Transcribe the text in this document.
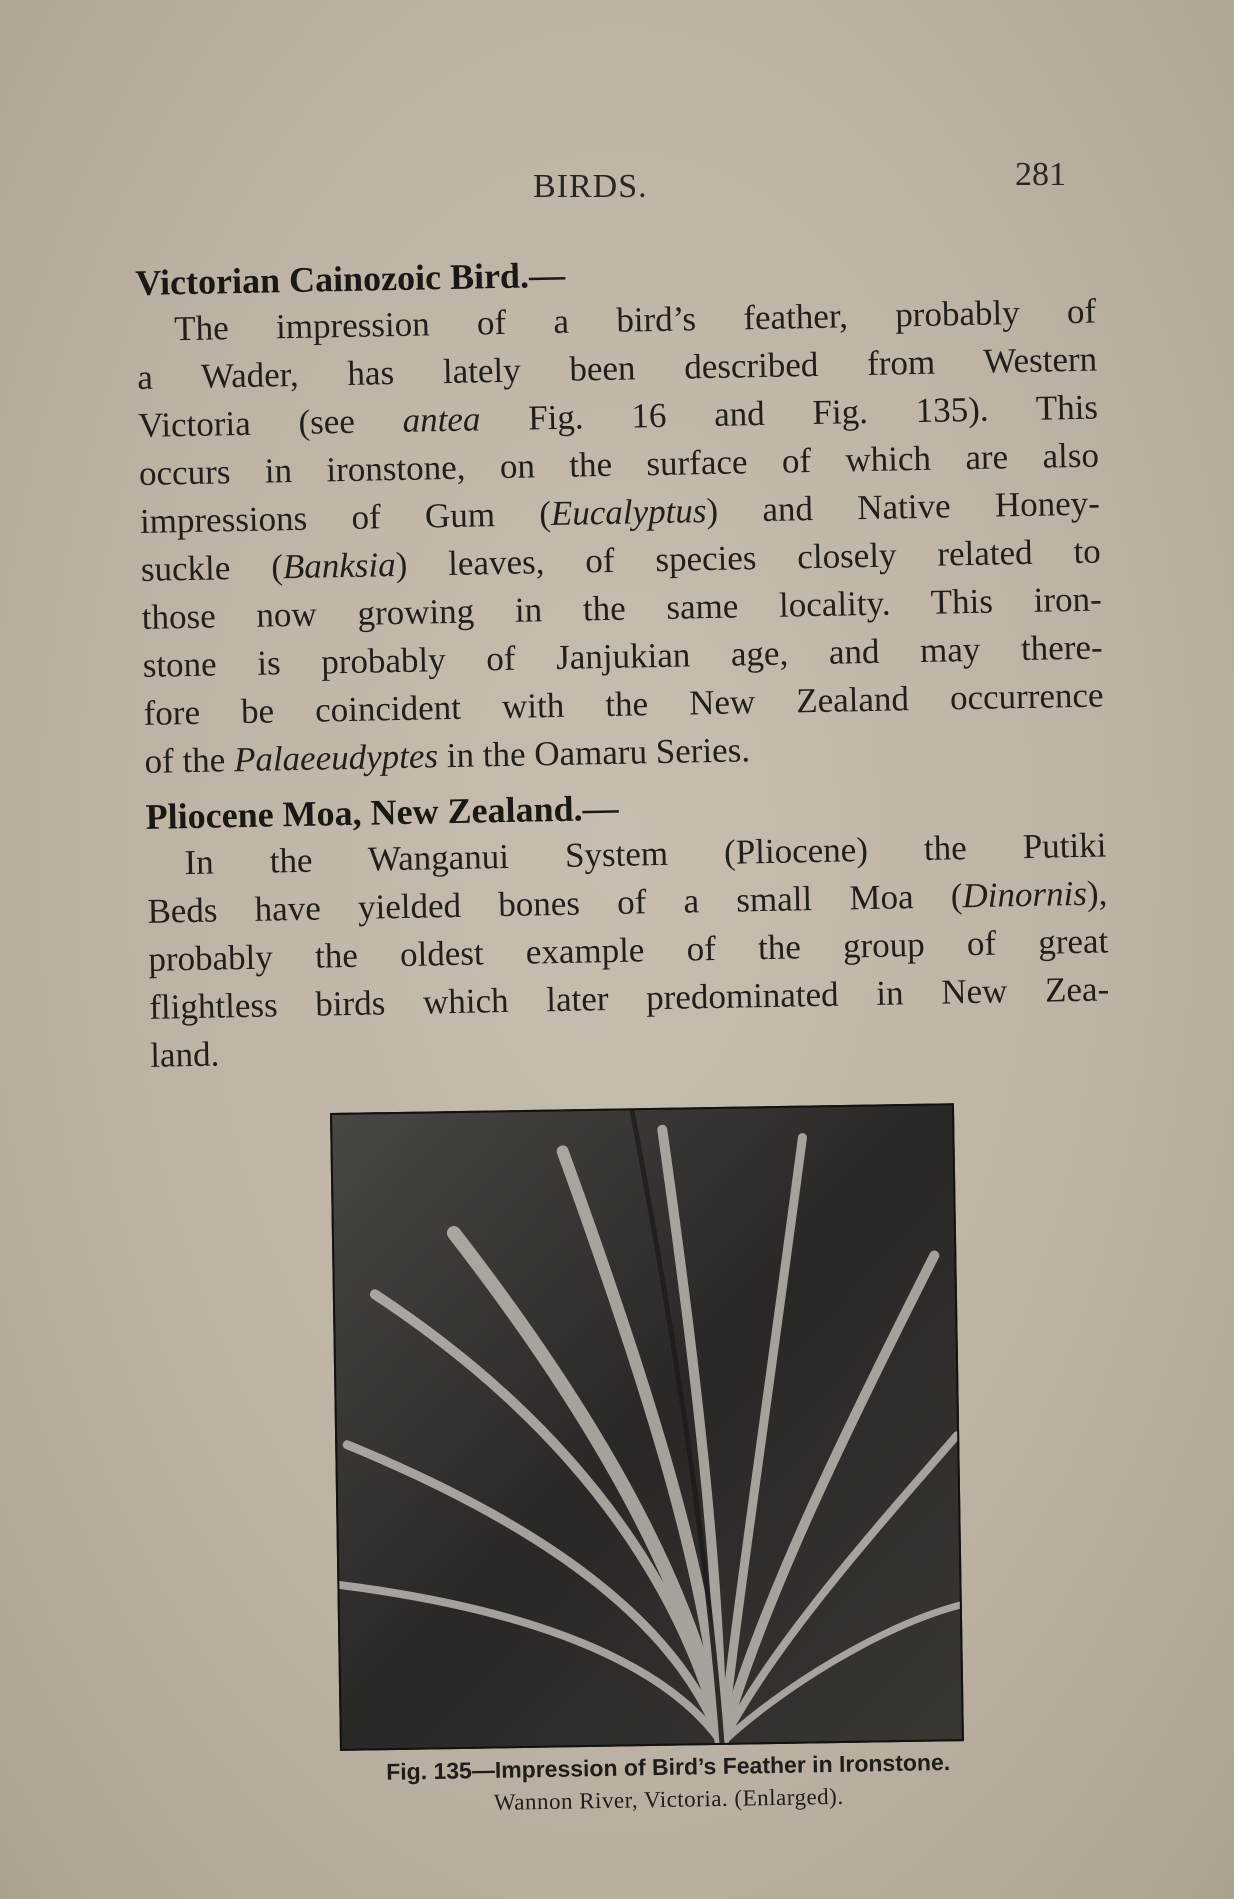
BIRDS.	281
Victorian Cainozoic Bird.—
The impression of a bird’s feather, probably of
a Wader, has lately been described from Western
Victoria (see antea Fig. 16 and Fig. 135). This
occurs in ironstone, on the surface of which are also
impressions of Gum (Eucalyptus) and Native Honey-
suckle (Banksia) leaves, of species closely related to
those now growing in the same locality. This iron-
stone is probably of Janjukian age, and may there-
fore be coincident with the New Zealand occurrence
of the Palaeeudyptes in the Oamaru Series.
Pliocene Moa, New Zealand.—
In the Wanganui System (Pliocene) the Putiki
Beds have yielded bones of a small Moa (Dinornis),
probably the oldest example of the group of great
flightless birds which later predominated in New Zea-
land.
Fig. 135—Impression of Bird’s Feather in Ironstone.
Wannon River, Victoria. (Enlarged).
